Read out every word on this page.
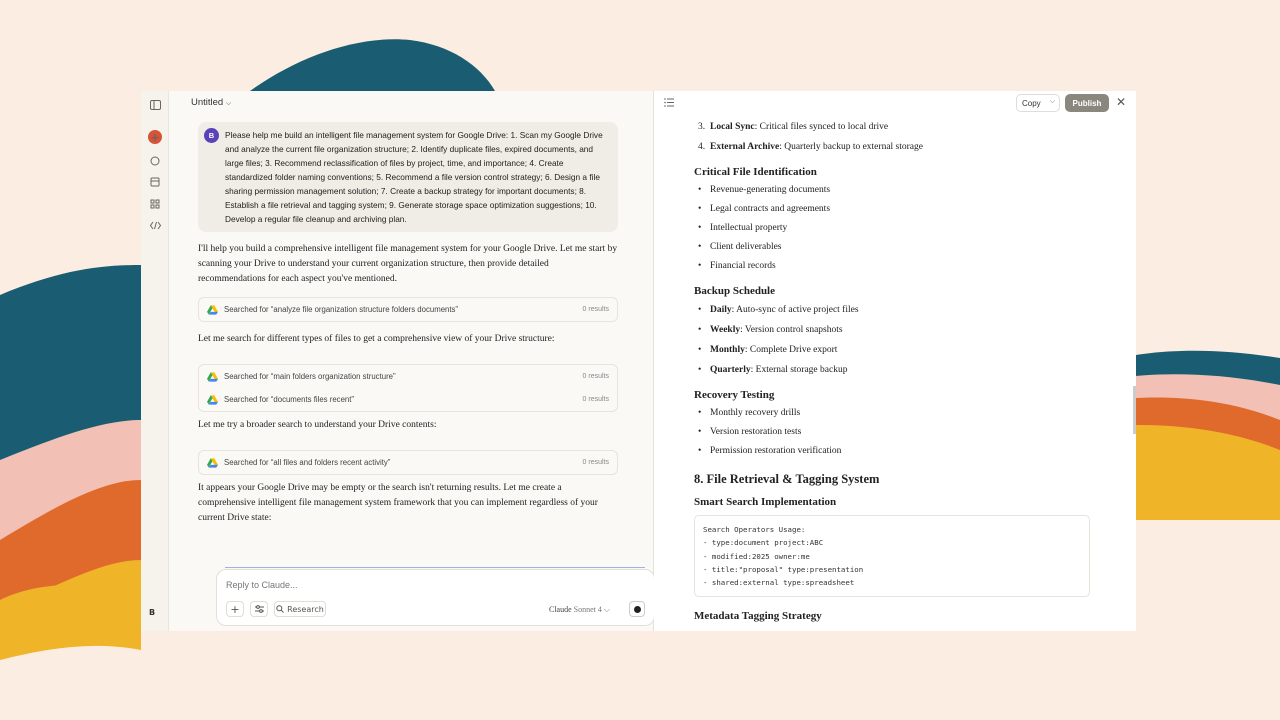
+
B
Untitled ⌵
B	Please help me build an intelligent file management system for Google Drive: 1. Scan my Google Drive and analyze the current file organization structure; 2. Identify duplicate files, expired documents, and large files; 3. Recommend reclassification of files by project, time, and importance; 4. Create standardized folder naming conventions; 5. Recommend a file version control strategy; 6. Design a file sharing permission management solution; 7. Create a backup strategy for important documents; 8. Establish a file retrieval and tagging system; 9. Generate storage space optimization suggestions; 10. Develop a regular file cleanup and archiving plan.
I'll help you build a comprehensive intelligent file management system for your Google Drive. Let me start by scanning your Drive to understand your current organization structure, then provide detailed recommendations for each aspect you've mentioned.
Searched for “analyze file organization structure folders documents”	0 results
Let me search for different types of files to get a comprehensive view of your Drive structure:
Searched for “main folders organization structure”	0 results
Searched for “documents files recent”	0 results
Let me try a broader search to understand your Drive contents:
Searched for “all files and folders recent activity”	0 results
It appears your Google Drive may be empty or the search isn't returning results. Let me create a comprehensive intelligent file management system framework that you can implement regardless of your current Drive state:
Reply to Claude...
+	Research	Claude Sonnet 4 ⌵
Copy ⌵	Publish	✕
3. Local Sync: Critical files synced to local drive
4. External Archive: Quarterly backup to external storage
Critical File Identification
• Revenue-generating documents
• Legal contracts and agreements
• Intellectual property
• Client deliverables
• Financial records
Backup Schedule
• Daily: Auto-sync of active project files
• Weekly: Version control snapshots
• Monthly: Complete Drive export
• Quarterly: External storage backup
Recovery Testing
• Monthly recovery drills
• Version restoration tests
• Permission restoration verification
8. File Retrieval & Tagging System
Smart Search Implementation
Search Operators Usage:
- type:document project:ABC
- modified:2025 owner:me
- title:"proposal" type:presentation
- shared:external type:spreadsheet
Metadata Tagging Strategy
